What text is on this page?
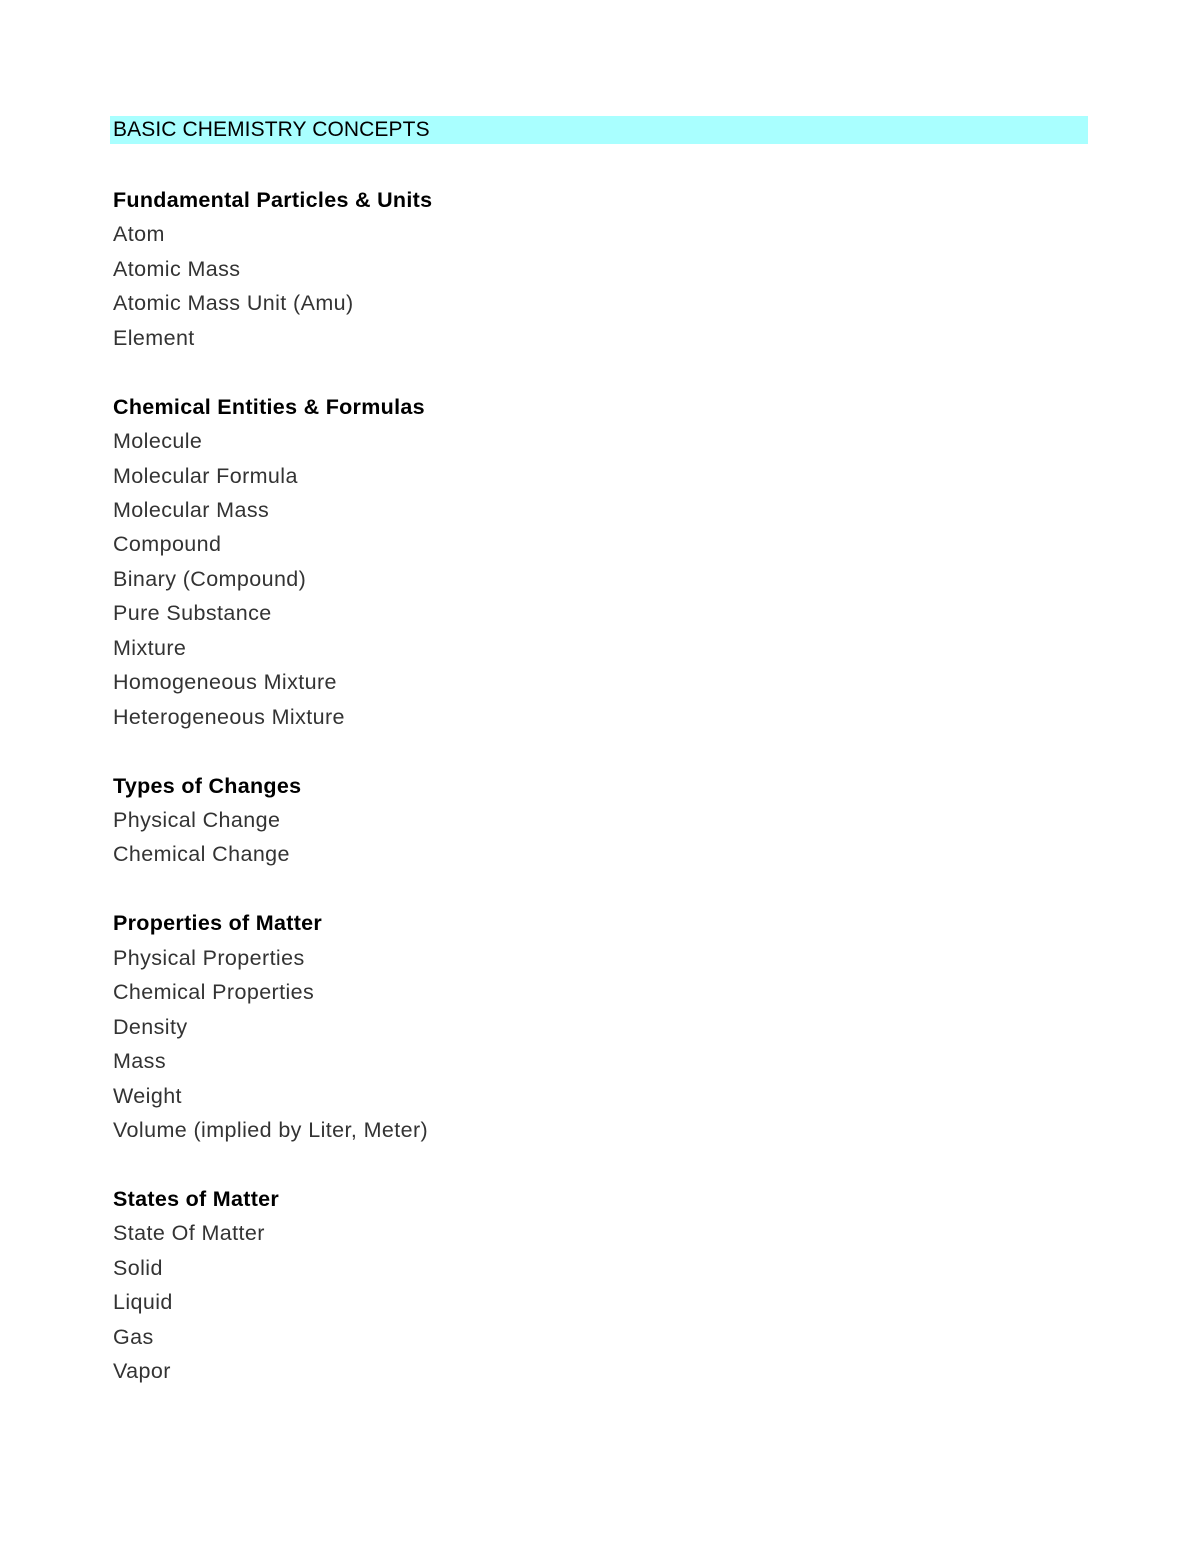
BASIC CHEMISTRY CONCEPTS
Fundamental Particles & Units
Atom
Atomic Mass
Atomic Mass Unit (Amu)
Element
Chemical Entities & Formulas
Molecule
Molecular Formula
Molecular Mass
Compound
Binary (Compound)
Pure Substance
Mixture
Homogeneous Mixture
Heterogeneous Mixture
Types of Changes
Physical Change
Chemical Change
Properties of Matter
Physical Properties
Chemical Properties
Density
Mass
Weight
Volume (implied by Liter, Meter)
States of Matter
State Of Matter
Solid
Liquid
Gas
Vapor
